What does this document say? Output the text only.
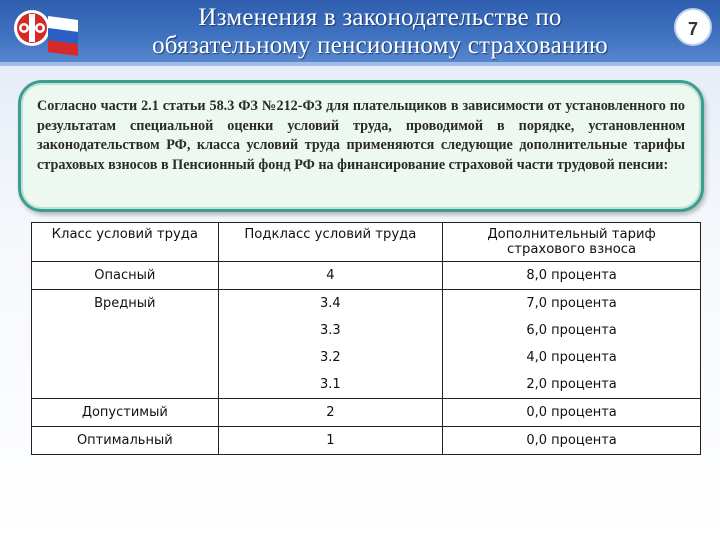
Изменения в законодательстве по
обязательному пенсионному страхованию
7

Согласно части 2.1 статьи 58.3 ФЗ №212-ФЗ для плательщиков в зависимости от установленного по результатам специальной оценки условий труда, проводимой в порядке, установленном законодательством РФ, класса условий труда применяются следующие дополнительные тарифы страховых взносов в Пенсионный фонд РФ на финансирование страховой части трудовой пенсии:

Класс условий труда	Подкласс условий труда	Дополнительный тариф страхового взноса
Опасный	4	8,0 процента
Вредный	3.4	7,0 процента
	3.3	6,0 процента
	3.2	4,0 процента
	3.1	2,0 процента
Допустимый	2	0,0 процента
Оптимальный	1	0,0 процента
